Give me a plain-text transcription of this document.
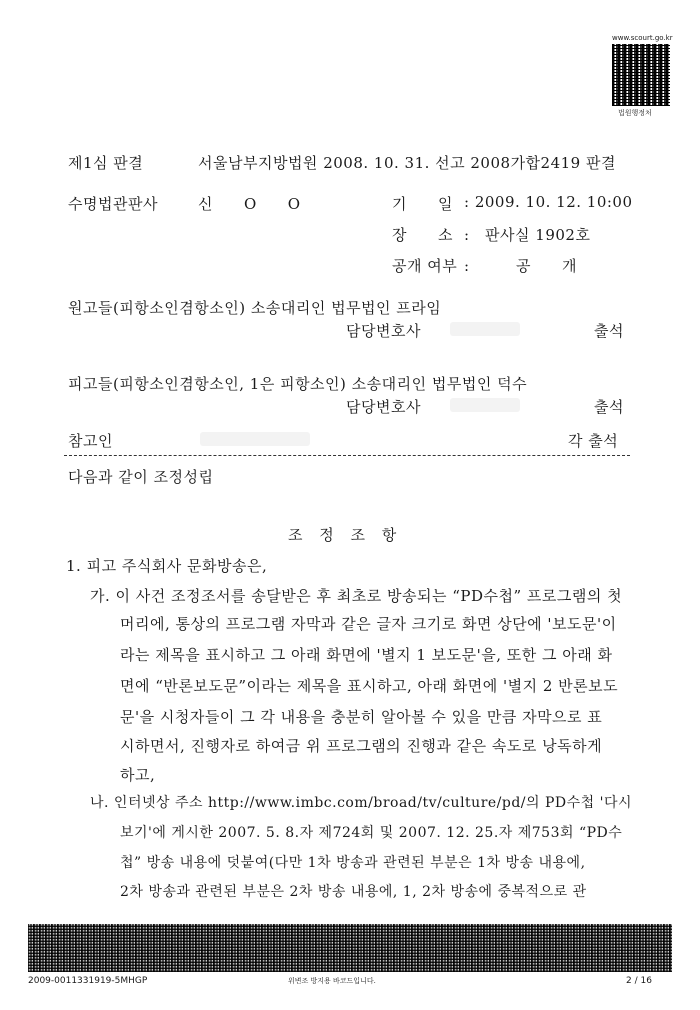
www.scourt.go.kr
법원행정처
제1심 판결	서울남부지방법원 2008. 10. 31. 선고 2008가합2419 판결
수명법관판사	신　　O　　O	기　　일 : 2009. 10. 12. 10:00
장　　소 :　판사실 1902호
공개 여부 :　　　공　　개
원고들(피항소인겸항소인) 소송대리인 법무법인 프라임
담당변호사	출석
피고들(피항소인겸항소인, 1은 피항소인) 소송대리인 법무법인 덕수
담당변호사	출석
참고인	각 출석
다음과 같이 조정성립
조 정 조 항
1. 피고 주식회사 문화방송은,
가. 이 사건 조정조서를 송달받은 후 최초로 방송되는 “PD수첩” 프로그램의 첫
머리에, 통상의 프로그램 자막과 같은 글자 크기로 화면 상단에 '보도문'이
라는 제목을 표시하고 그 아래 화면에 '별지 1 보도문'을, 또한 그 아래 화
면에 “반론보도문”이라는 제목을 표시하고, 아래 화면에 '별지 2 반론보도
문'을 시청자들이 그 각 내용을 충분히 알아볼 수 있을 만큼 자막으로 표
시하면서, 진행자로 하여금 위 프로그램의 진행과 같은 속도로 낭독하게
하고,
나. 인터넷상 주소 http://www.imbc.com/broad/tv/culture/pd/의 PD수첩 '다시
보기'에 게시한 2007. 5. 8.자 제724회 및 2007. 12. 25.자 제753회 “PD수
첩” 방송 내용에 덧붙여(다만 1차 방송과 관련된 부분은 1차 방송 내용에,
2차 방송과 관련된 부분은 2차 방송 내용에, 1, 2차 방송에 중복적으로 관
2009-0011331919-5MHGP	위변조 방지용 바코드입니다.	2 / 16
